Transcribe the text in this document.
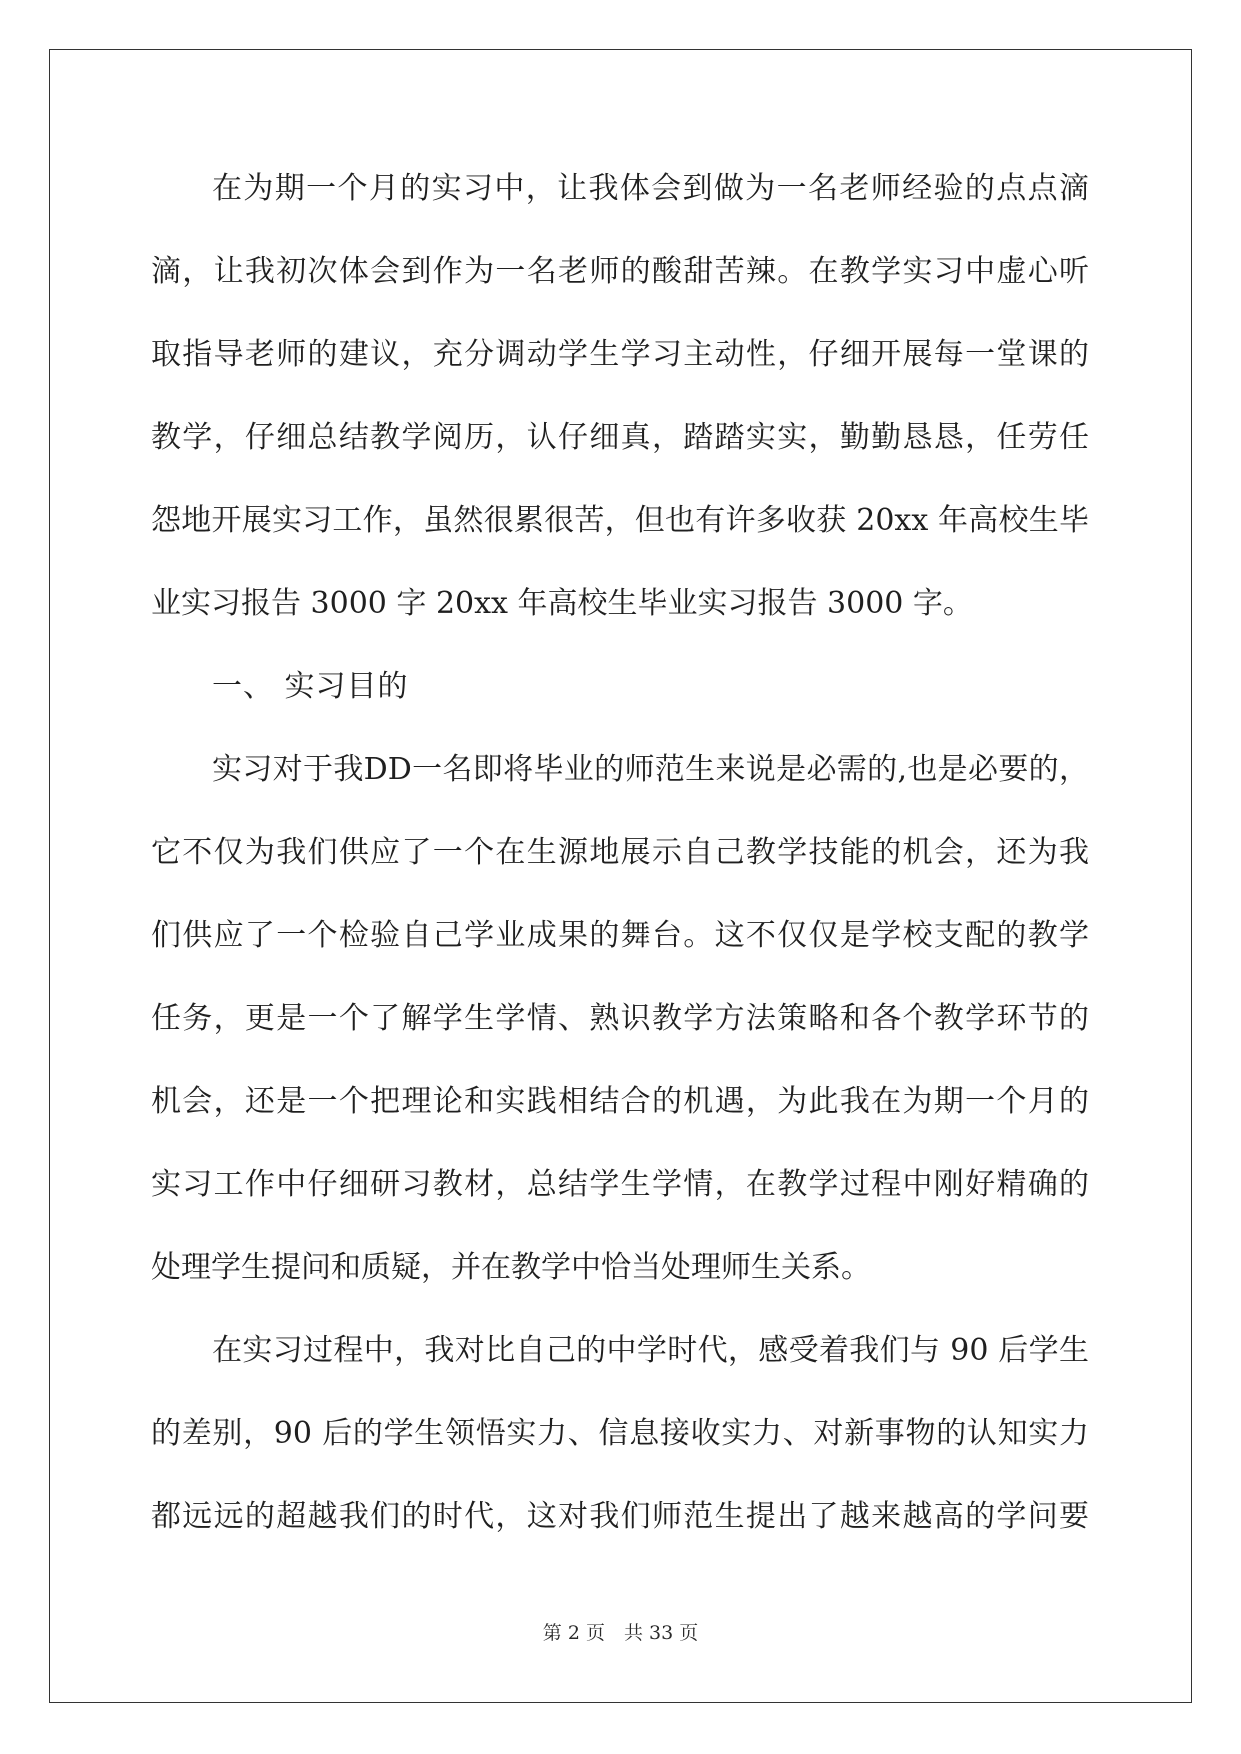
在为期一个月的实习中，让我体会到做为一名老师经验的点点滴
滴，让我初次体会到作为一名老师的酸甜苦辣。在教学实习中虚心听
取指导老师的建议，充分调动学生学习主动性，仔细开展每一堂课的
教学，仔细总结教学阅历，认仔细真，踏踏实实，勤勤恳恳，任劳任
怨地开展实习工作，虽然很累很苦，但也有许多收获 20xx 年高校生毕
业实习报告 3000 字 20xx 年高校生毕业实习报告 3000 字。
一、 实习目的
实习对于我DD一名即将毕业的师范生来说是必需的,也是必要的，
它不仅为我们供应了一个在生源地展示自己教学技能的机会，还为我
们供应了一个检验自己学业成果的舞台。这不仅仅是学校支配的教学
任务，更是一个了解学生学情、熟识教学方法策略和各个教学环节的
机会，还是一个把理论和实践相结合的机遇，为此我在为期一个月的
实习工作中仔细研习教材，总结学生学情，在教学过程中刚好精确的
处理学生提问和质疑，并在教学中恰当处理师生关系。
在实习过程中，我对比自己的中学时代，感受着我们与 90 后学生
的差别，90 后的学生领悟实力、信息接收实力、对新事物的认知实力
都远远的超越我们的时代，这对我们师范生提出了越来越高的学问要
第 2 页　共 33 页
